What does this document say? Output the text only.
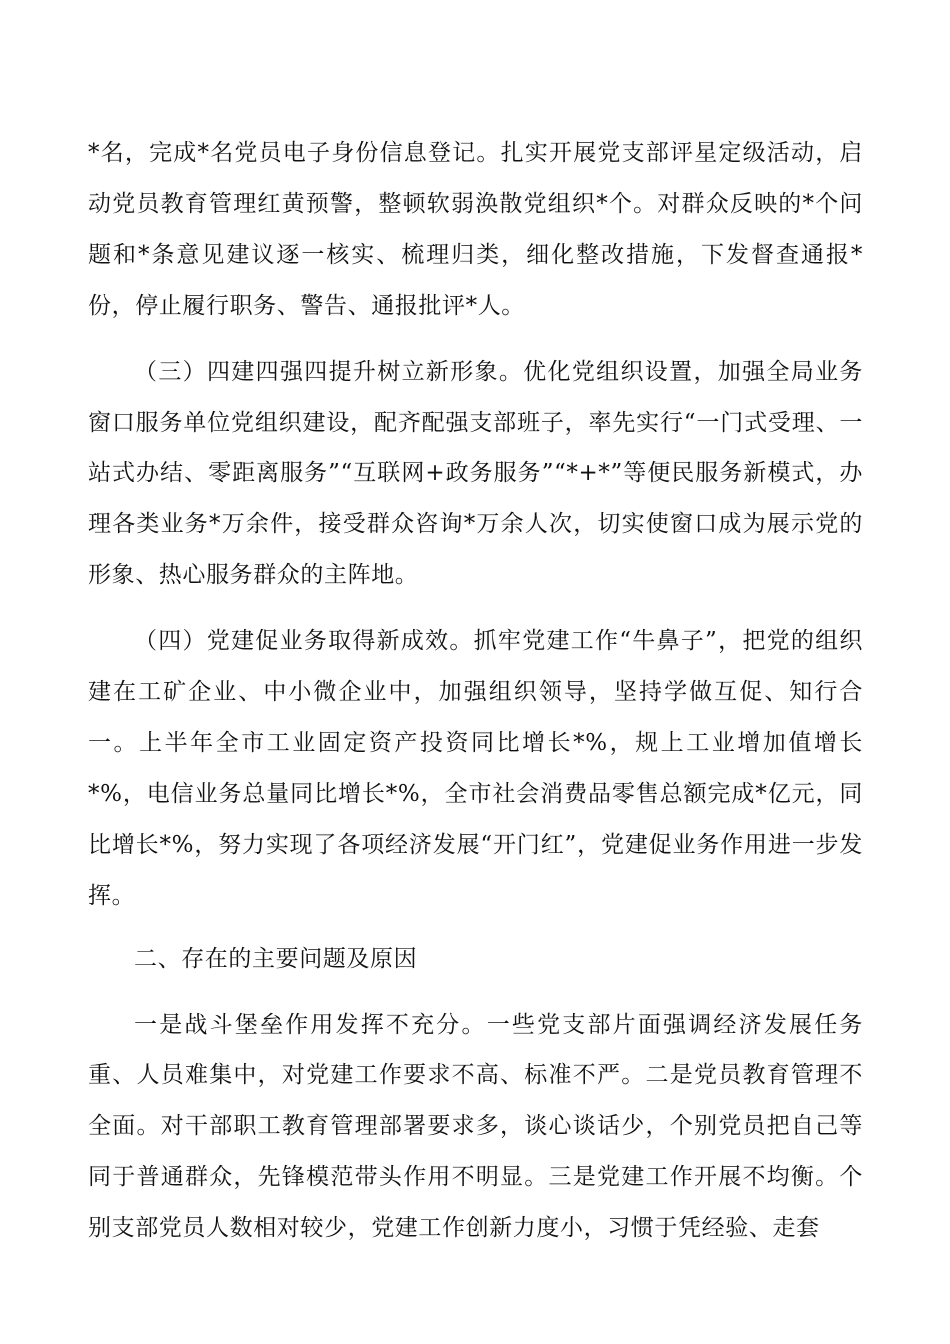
*名，完成*名党员电子身份信息登记。扎实开展党支部评星定级活动，启动党员教育管理红黄预警，整顿软弱涣散党组织*个。对群众反映的*个问题和*条意见建议逐一核实、梳理归类，细化整改措施，下发督查通报*份，停止履行职务、警告、通报批评*人。

（三）四建四强四提升树立新形象。优化党组织设置，加强全局业务窗口服务单位党组织建设，配齐配强支部班子，率先实行“一门式受理、一站式办结、零距离服务”“互联网+政务服务”“*+*”等便民服务新模式，办理各类业务*万余件，接受群众咨询*万余人次，切实使窗口成为展示党的形象、热心服务群众的主阵地。

（四）党建促业务取得新成效。抓牢党建工作“牛鼻子”，把党的组织建在工矿企业、中小微企业中，加强组织领导，坚持学做互促、知行合一。上半年全市工业固定资产投资同比增长*%，规上工业增加值增长*%，电信业务总量同比增长*%，全市社会消费品零售总额完成*亿元，同比增长*%，努力实现了各项经济发展“开门红”，党建促业务作用进一步发挥。

二、存在的主要问题及原因

一是战斗堡垒作用发挥不充分。一些党支部片面强调经济发展任务重、人员难集中，对党建工作要求不高、标准不严。二是党员教育管理不全面。对干部职工教育管理部署要求多，谈心谈话少，个别党员把自己等同于普通群众，先锋模范带头作用不明显。三是党建工作开展不均衡。个别支部党员人数相对较少，党建工作创新力度小，习惯于凭经验、走套
